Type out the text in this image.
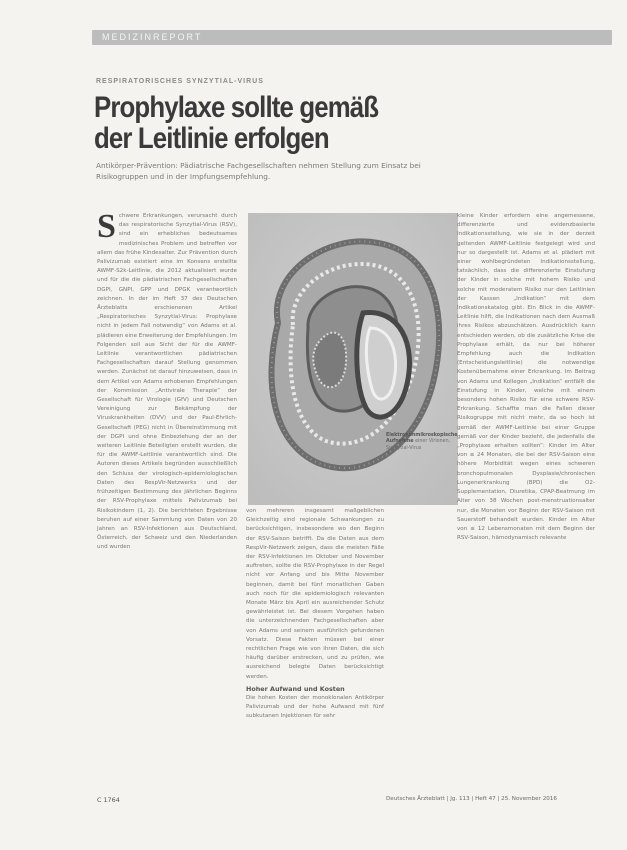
MEDIZINREPORT
RESPIRATORISCHES SYNZYTIAL-VIRUS
Prophylaxe sollte gemäß
der Leitlinie erfolgen
Antikörper-Prävention: Pädiatrische Fachgesellschaften nehmen Stellung zum Einsatz bei Risikogruppen und in der Impfungsempfehlung.
S chwere Erkrankungen, verursacht durch das respiratorische Synzytial-Virus (RSV), sind ein erhebliches bedeutsames medizinisches Problem und betreffen vor allem das frühe Kindesalter. Zur Prävention durch Palivizumab existiert eine im Konsens erstellte AWMF-S2k-Leitlinie, die 2012 aktualisiert wurde und für die die pädiatrischen Fachgesellschaften DGPI, GNPI, GPP und DPGK verantwortlich zeichnen. In der im Heft 37 des Deutschen Ärzteblatts erschienenen Artikel „Respiratorisches Synzytial-Virus: Prophylaxe nicht in jedem Fall notwendig“ von Adams et al. plädieren eine Erweiterung der Empfehlungen. Im Folgenden soll aus Sicht der für die AWMF-Leitlinie verantwortlichen pädiatrischen Fachgesellschaften darauf Stellung genommen werden. Zunächst ist darauf hinzuweisen, dass in dem Artikel von Adams erhobenen Empfehlungen der Kommission „Antivirale Therapie“ der Gesellschaft für Virologie (GfV) und Deutschen Vereinigung zur Bekämpfung der Viruskrankheiten (DVV) und der Paul-Ehrlich-Gesellschaft (PEG) nicht in Übereinstimmung mit der DGPI und ohne Einbeziehung der an der weiteren Leitlinie Beteiligten erstellt wurden, die für die AWMF-Leitlinie verantwortlich sind. Die Autoren dieses Artikels begründen ausschließlich den Schluss der virologisch-epidemiologischen Daten des RespVir-Netzwerks und der frühzeitigen Bestimmung des jährlichen Beginns der RSV-Prophylaxe mittels Palivizumab bei Risikokindern (1, 2). Die berichteten Ergebnisse beruhen auf einer Sammlung von Daten von 20 Jahren an RSV-Infektionen aus Deutschland, Österreich, der Schweiz und den Niederlanden und wurden

Elektronenmikroskopische Aufnahme einer Virionen, Synzytial-Virus

von mehreren insgesamt maßgeblichen Gleichzeitig sind regionale Schwankungen zu berücksichtigen, insbesondere wo den Beginn der RSV-Saison betrifft. Da die Daten aus dem RespVir-Netzwerk zeigen, dass die meisten Fälle der RSV-Infektionen im Oktober und November auftreten, sollte die RSV-Prophylaxe in der Regel nicht vor Anfang und bis Mitte November beginnen, damit bei fünf monatlichen Gaben auch noch für die epidemiologisch relevanten Monate März bis April ein ausreichender Schutz gewährleistet ist. Bei diesem Vorgehen haben die unterzeichnenden Fachgesellschaften aber von Adams und seinem ausführlich gefundenen Vorsatz. Diese Fakten müssen bei einer rechtlichen Frage wie von ihren Daten, die sich häufig darüber erstrecken, und zu prüfen, wie ausreichend belegte Daten berücksichtigt werden.

Hoher Aufwand und Kosten

Die hohen Kosten der monoklonalen Antikörper Palivizumab und der hohe Aufwand mit fünf subkutanen Injektionen für sehr

kleine Kinder erfordern eine angemessene, differenzierte und evidenzbasierte Indikationsstellung, wie sie in der derzeit geltenden AWMF-Leitlinie festgelegt wird und nur so dargestellt ist. Adams et al. plädiert mit einer wohlbegründeten Indikationsstellung, tatsächlich, dass die differenzierte Einstufung der Kinder in solche mit hohem Risiko und solche mit moderatem Risiko nur den Leitlinien der Kassen „Indikation“ mit dem Indikationskatalog gibt. Ein Blick in die AWMF-Leitlinie hilft, die Indikationen nach dem Ausmaß ihres Risikos abzuschätzen. Ausdrücklich kann entschieden werden, ob die zusätzliche Krise die Prophylaxe erhält, da nur bei höherer Empfehlung auch die Indikation (Entscheidungsleitlinie) die notwendige Kostenübernahme einer Erkrankung. Im Beitrag von Adams und Kollegen „Indikation“ entfällt die Einstufung in Kinder, welche mit einem besonders hohen Risiko für eine schwere RSV-Erkrankung. Schaffte man die Fallen dieser Risikogruppe mit nicht mehr, da so hoch ist gemäß der AWMF-Leitlinie bei einer Gruppe gemäß vor der Kinder bezieht, die jedenfalls die „Prophylaxe erhalten sollten“: Kinder im Alter von ≤ 24 Monaten, die bei der RSV-Saison eine höhere Morbidität wegen eines schweren bronchopulmonalen Dysplasie/chronischen Lungenerkrankung (BPD) die O2-Supplementation, Diuretika, CPAP-Beatmung im Alter von 38 Wochen post-menstruationsalter nur, die Monaten vor Beginn der RSV-Saison mit Sauerstoff behandelt wurden. Kinder im Alter von ≤ 12 Lebensmonaten mit dem Beginn der RSV-Saison, hämodynamisch relevante

C 1764	Deutsches Ärzteblatt | Jg. 113 | Heft 47 | 25. November 2016
